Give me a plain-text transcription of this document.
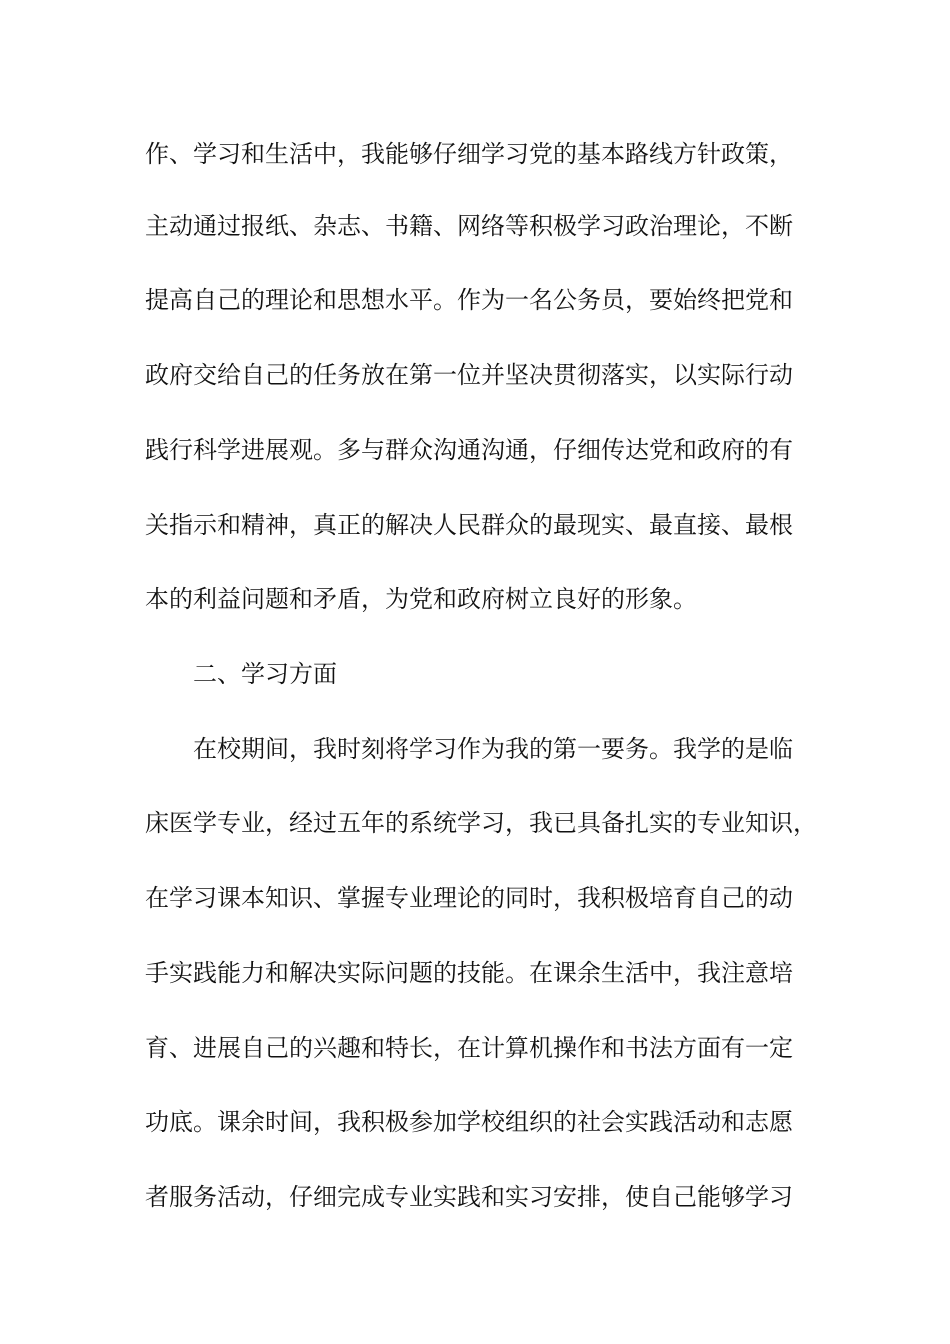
作、学习和生活中，我能够仔细学习党的基本路线方针政策，
主动通过报纸、杂志、书籍、网络等积极学习政治理论，不断
提高自己的理论和思想水平。作为一名公务员，要始终把党和
政府交给自己的任务放在第一位并坚决贯彻落实，以实际行动
践行科学进展观。多与群众沟通沟通，仔细传达党和政府的有
关指示和精神，真正的解决人民群众的最现实、最直接、最根
本的利益问题和矛盾，为党和政府树立良好的形象。
二、学习方面
在校期间，我时刻将学习作为我的第一要务。我学的是临
床医学专业，经过五年的系统学习，我已具备扎实的专业知识，
在学习课本知识、掌握专业理论的同时，我积极培育自己的动
手实践能力和解决实际问题的技能。在课余生活中，我注意培
育、进展自己的兴趣和特长，在计算机操作和书法方面有一定
功底。课余时间，我积极参加学校组织的社会实践活动和志愿
者服务活动，仔细完成专业实践和实习安排，使自己能够学习
